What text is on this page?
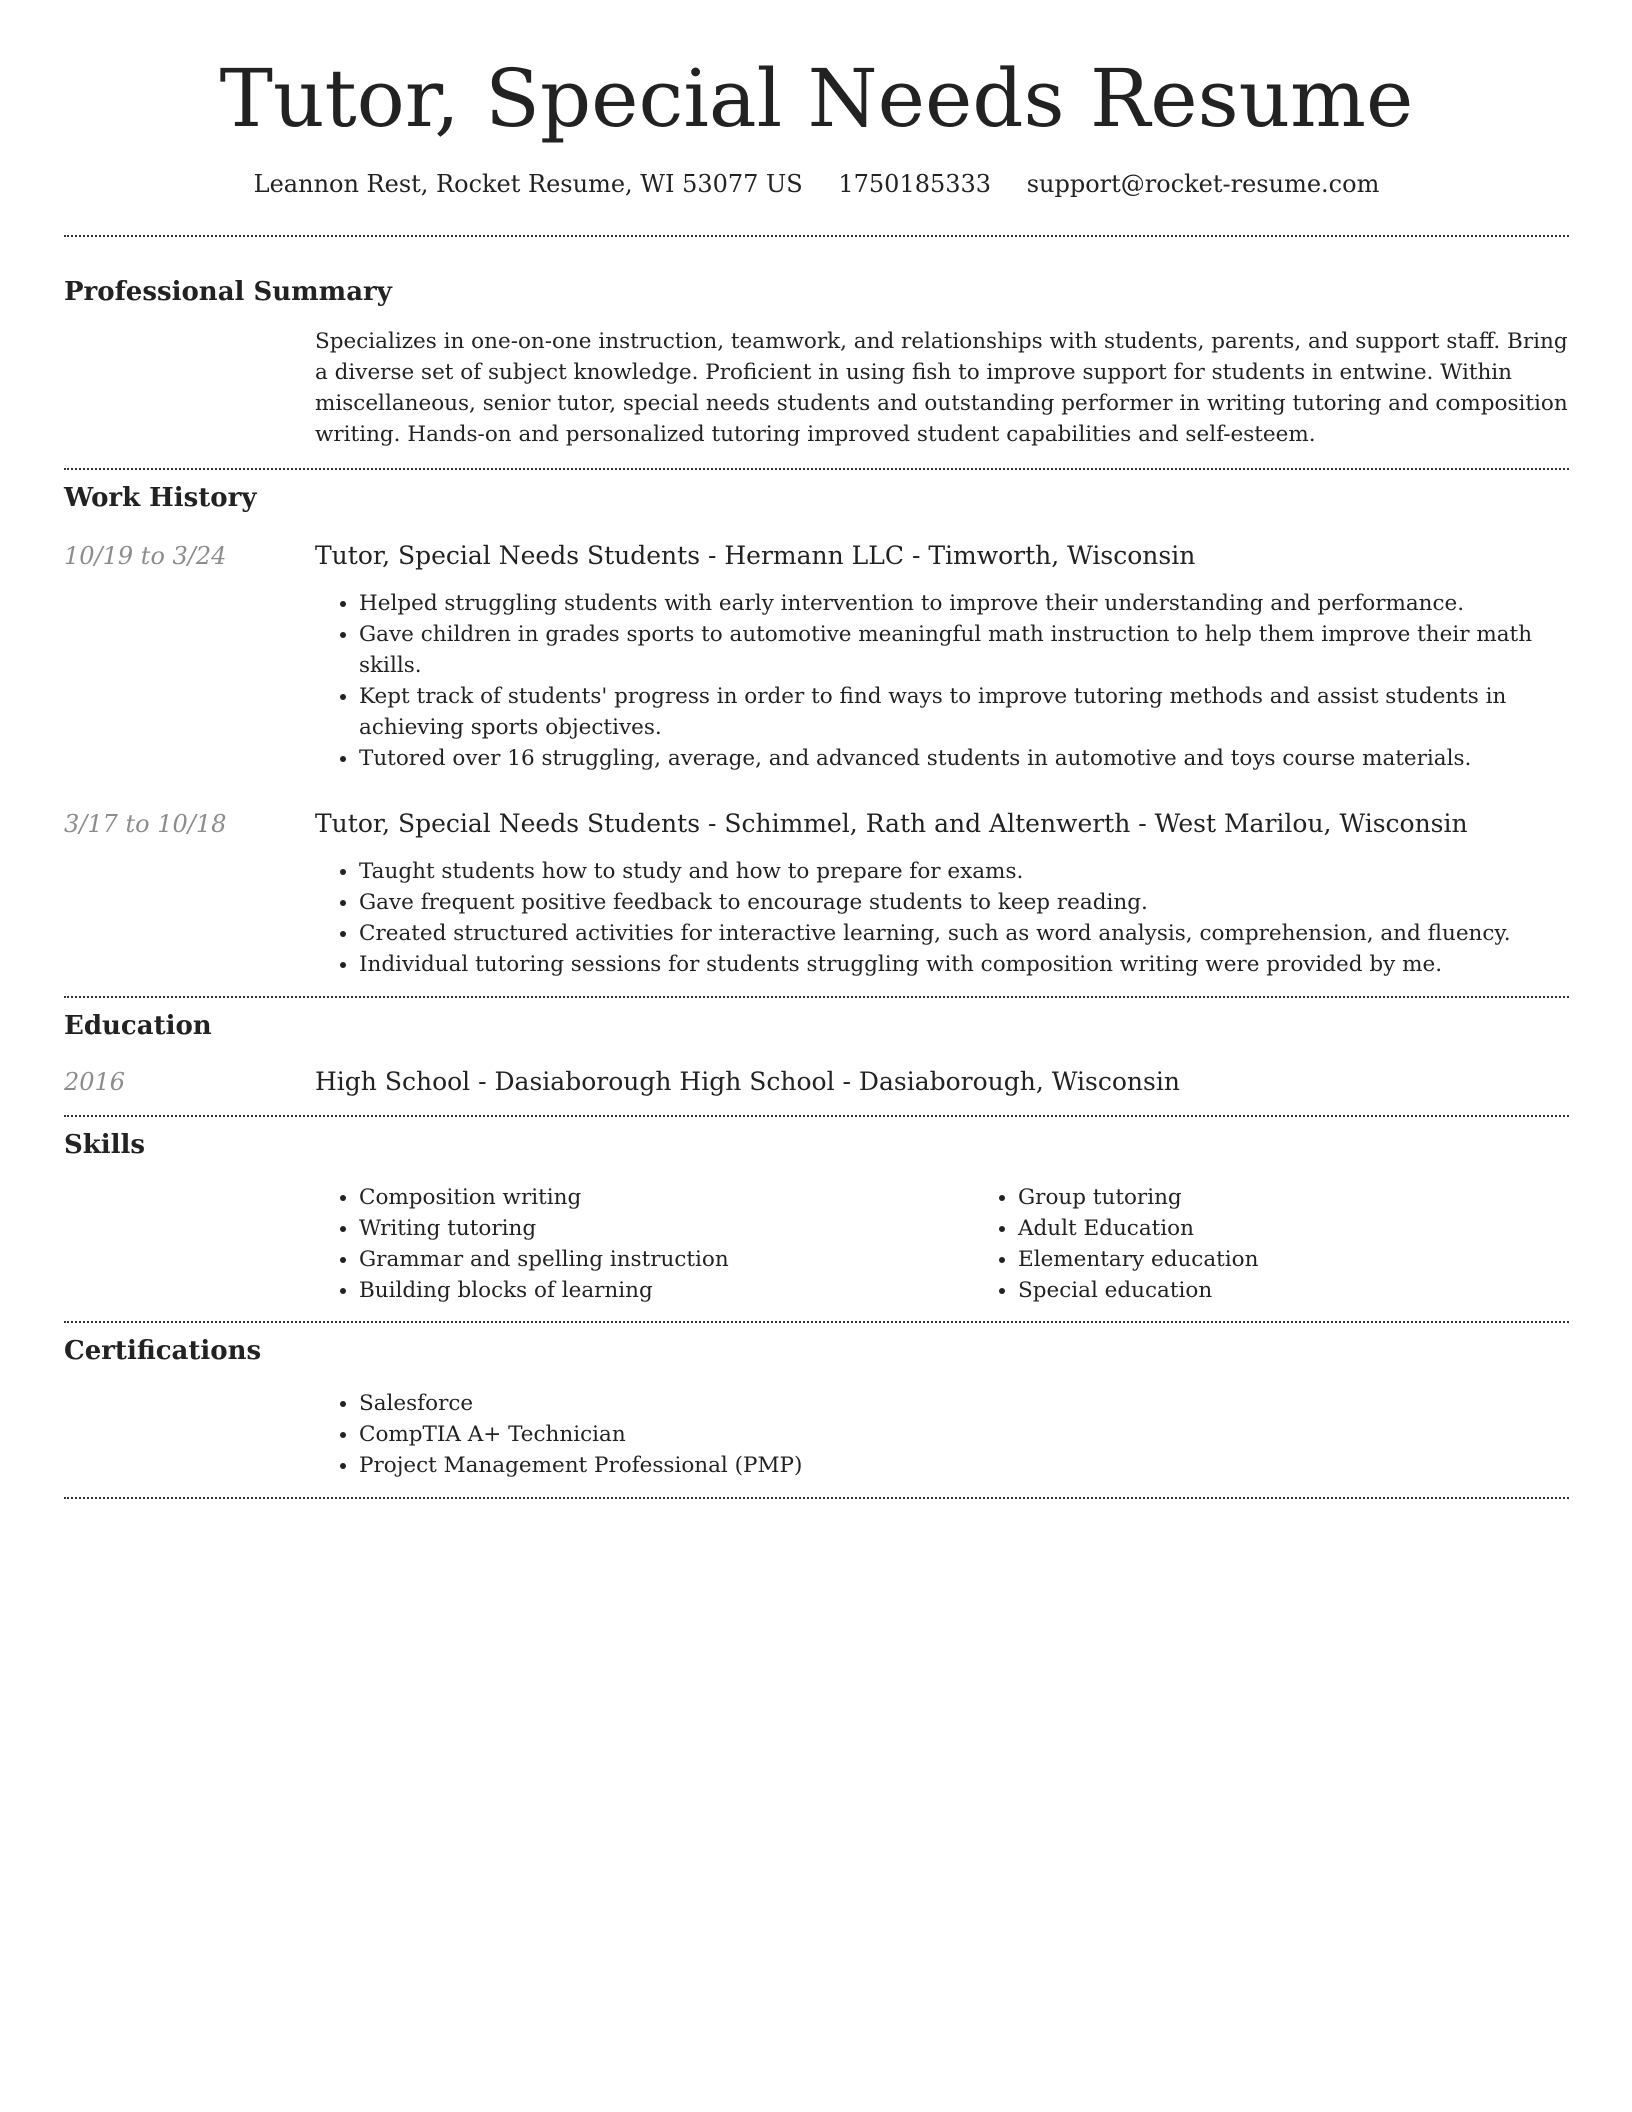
Tutor, Special Needs Resume
Leannon Rest, Rocket Resume, WI 53077 US 1750185333 support@rocket-resume.com
Professional Summary

Specializes in one-on-one instruction, teamwork, and relationships with students, parents, and support staff. Bring a diverse set of subject knowledge. Proficient in using fish to improve support for students in entwine. Within miscellaneous, senior tutor, special needs students and outstanding performer in writing tutoring and composition writing. Hands-on and personalized tutoring improved student capabilities and self-esteem.

Work History
10/19 to 3/24	Tutor, Special Needs Students - Hermann LLC - Timworth, Wisconsin

• Helped struggling students with early intervention to improve their understanding and performance.
• Gave children in grades sports to automotive meaningful math instruction to help them improve their math skills.
• Kept track of students' progress in order to find ways to improve tutoring methods and assist students in achieving sports objectives.
• Tutored over 16 struggling, average, and advanced students in automotive and toys course materials.
3/17 to 10/18	Tutor, Special Needs Students - Schimmel, Rath and Altenwerth - West Marilou, Wisconsin

• Taught students how to study and how to prepare for exams.
• Gave frequent positive feedback to encourage students to keep reading.
• Created structured activities for interactive learning, such as word analysis, comprehension, and fluency.
• Individual tutoring sessions for students struggling with composition writing were provided by me.
Education
2016	High School - Dasiaborough High School - Dasiaborough, Wisconsin

Skills
• Composition writing
• Writing tutoring
• Grammar and spelling instruction
• Building blocks of learning
• Group tutoring
• Adult Education
• Elementary education
• Special education
Certifications
• Salesforce
• CompTIA A+ Technician
• Project Management Professional (PMP)
